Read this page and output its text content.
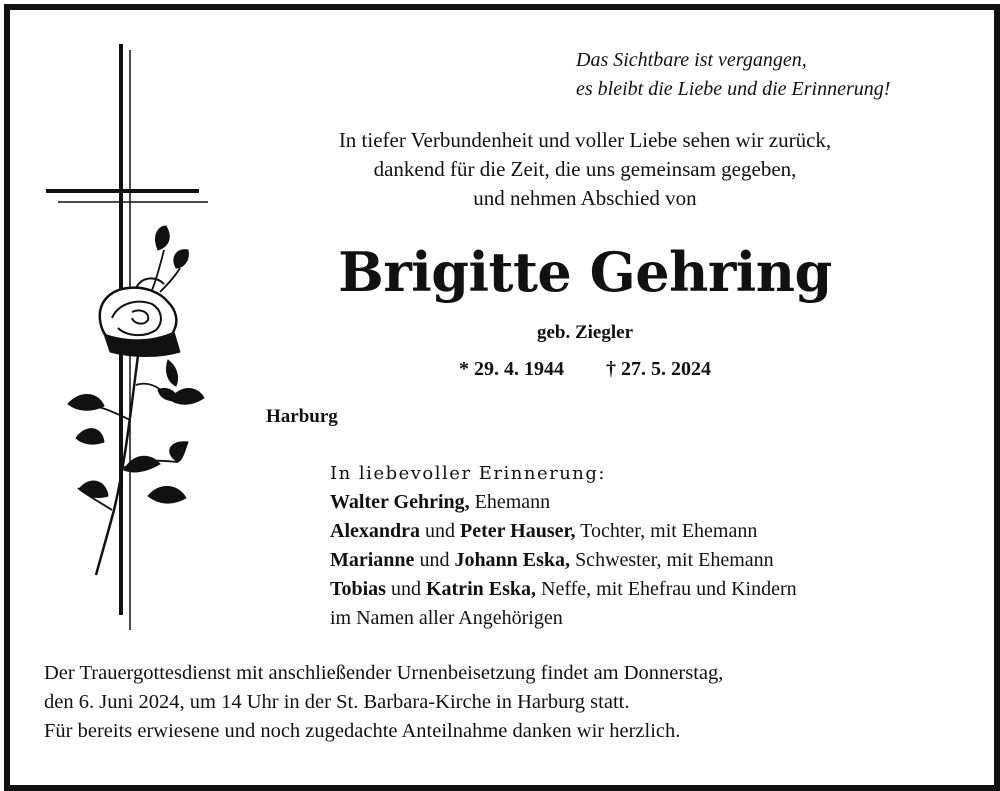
Das Sichtbare ist vergangen,
es bleibt die Liebe und die Erinnerung!
In tiefer Verbundenheit und voller Liebe sehen wir zurück,
dankend für die Zeit, die uns gemeinsam gegeben,
und nehmen Abschied von
Brigitte Gehring
geb. Ziegler
* 29. 4. 1944 † 27. 5. 2024
Harburg
In liebevoller Erinnerung:
Walter Gehring, Ehemann
Alexandra und Peter Hauser, Tochter, mit Ehemann
Marianne und Johann Eska, Schwester, mit Ehemann
Tobias und Katrin Eska, Neffe, mit Ehefrau und Kindern
im Namen aller Angehörigen
Der Trauergottesdienst mit anschließender Urnenbeisetzung findet am Donnerstag,
den 6. Juni 2024, um 14 Uhr in der St. Barbara-Kirche in Harburg statt.
Für bereits erwiesene und noch zugedachte Anteilnahme danken wir herzlich.
